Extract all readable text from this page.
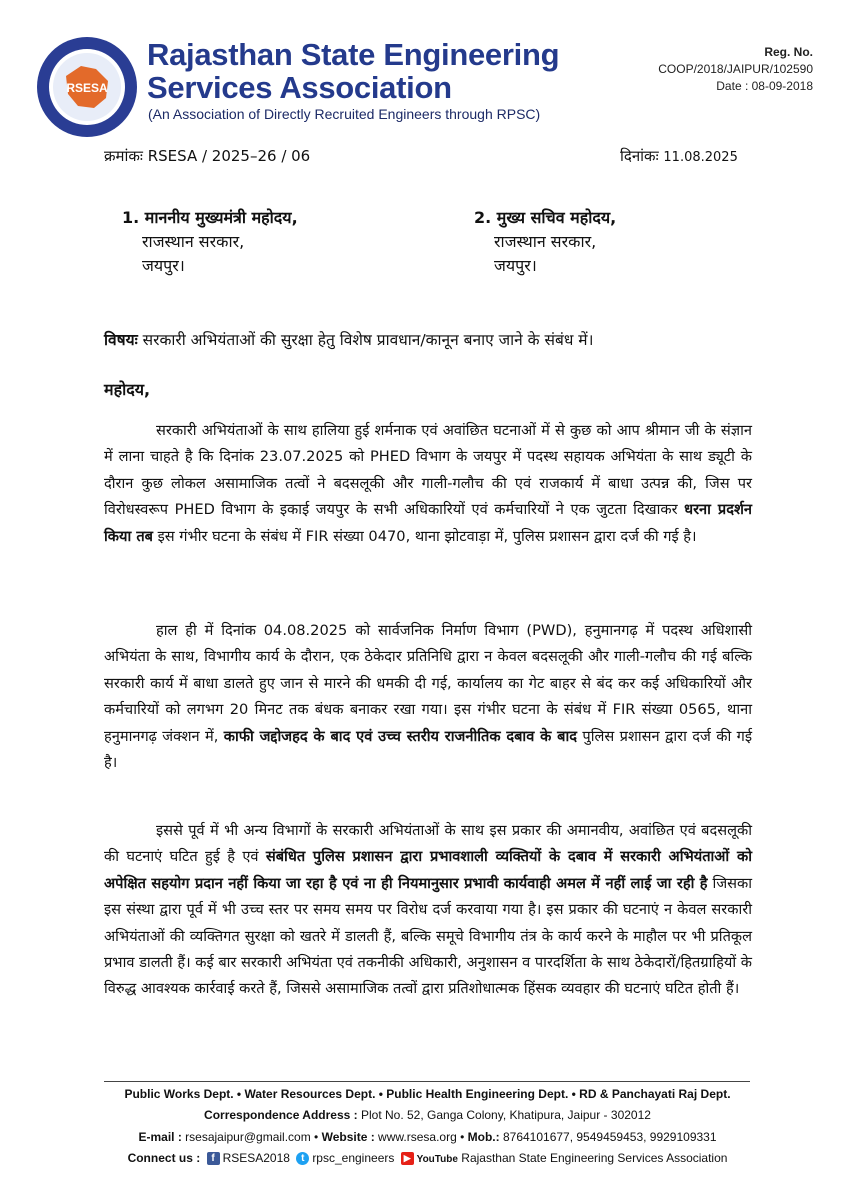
RSESA
Rajasthan State Engineering
Services Association
(An Association of Directly Recruited Engineers through RPSC)
Reg. No.
COOP/2018/JAIPUR/102590
Date : 08-09-2018
क्रमांकः RSESA / 2025–26 / 06	दिनांकः 11.08.2025
1. माननीय मुख्यमंत्री महोदय,
राजस्थान सरकार,
जयपुर।
2. मुख्य सचिव महोदय,
राजस्थान सरकार,
जयपुर।
विषयः सरकारी अभियंताओं की सुरक्षा हेतु विशेष प्रावधान/कानून बनाए जाने के संबंध में।
महोदय,

सरकारी अभियंताओं के साथ हालिया हुई शर्मनाक एवं अवांछित घटनाओं में से कुछ को आप श्रीमान जी के संज्ञान में लाना चाहते है कि दिनांक 23.07.2025 को PHED विभाग के जयपुर में पदस्थ सहायक अभियंता के साथ ड्यूटी के दौरान कुछ लोकल असामाजिक तत्वों ने बदसलूकी और गाली-गलौच की एवं राजकार्य में बाधा उत्पन्न की, जिस पर विरोधस्वरूप PHED विभाग के इकाई जयपुर के सभी अधिकारियों एवं कर्मचारियों ने एक जुटता दिखाकर धरना प्रदर्शन किया तब इस गंभीर घटना के संबंध में FIR संख्या 0470, थाना झोटवाड़ा में, पुलिस प्रशासन द्वारा दर्ज की गई है।

हाल ही में दिनांक 04.08.2025 को सार्वजनिक निर्माण विभाग (PWD), हनुमानगढ़ में पदस्थ अधिशासी अभियंता के साथ, विभागीय कार्य के दौरान, एक ठेकेदार प्रतिनिधि द्वारा न केवल बदसलूकी और गाली-गलौच की गई बल्कि सरकारी कार्य में बाधा डालते हुए जान से मारने की धमकी दी गई, कार्यालय का गेट बाहर से बंद कर कई अधिकारियों और कर्मचारियों को लगभग 20 मिनट तक बंधक बनाकर रखा गया। इस गंभीर घटना के संबंध में FIR संख्या 0565, थाना हनुमानगढ़ जंक्शन में, काफी जद्दोजहद के बाद एवं उच्च स्तरीय राजनीतिक दबाव के बाद पुलिस प्रशासन द्वारा दर्ज की गई है।

इससे पूर्व में भी अन्य विभागों के सरकारी अभियंताओं के साथ इस प्रकार की अमानवीय, अवांछित एवं बदसलूकी की घटनाएं घटित हुई है एवं संबंधित पुलिस प्रशासन द्वारा प्रभावशाली व्यक्तियों के दबाव में सरकारी अभियंताओं को अपेक्षित सहयोग प्रदान नहीं किया जा रहा है एवं ना ही नियमानुसार प्रभावी कार्यवाही अमल में नहीं लाई जा रही है जिसका इस संस्था द्वारा पूर्व में भी उच्च स्तर पर समय समय पर विरोध दर्ज करवाया गया है। इस प्रकार की घटनाएं न केवल सरकारी अभियंताओं की व्यक्तिगत सुरक्षा को खतरे में डालती हैं, बल्कि समूचे विभागीय तंत्र के कार्य करने के माहौल पर भी प्रतिकूल प्रभाव डालती हैं। कई बार सरकारी अभियंता एवं तकनीकी अधिकारी, अनुशासन व पारदर्शिता के साथ ठेकेदारों/हितग्राहियों के विरुद्ध आवश्यक कार्रवाई करते हैं, जिससे असामाजिक तत्वों द्वारा प्रतिशोधात्मक हिंसक व्यवहार की घटनाएं घटित होती हैं।

Public Works Dept. • Water Resources Dept. • Public Health Engineering Dept. • RD & Panchayati Raj Dept.
Correspondence Address : Plot No. 52, Ganga Colony, Khatipura, Jaipur - 302012
E-mail : rsesajaipur@gmail.com • Website : www.rsesa.org • Mob.: 8764101677, 9549459453, 9929109331
Connect us : f RSESA2018 t rpsc_engineers ▶ YouTube Rajasthan State Engineering Services Association
